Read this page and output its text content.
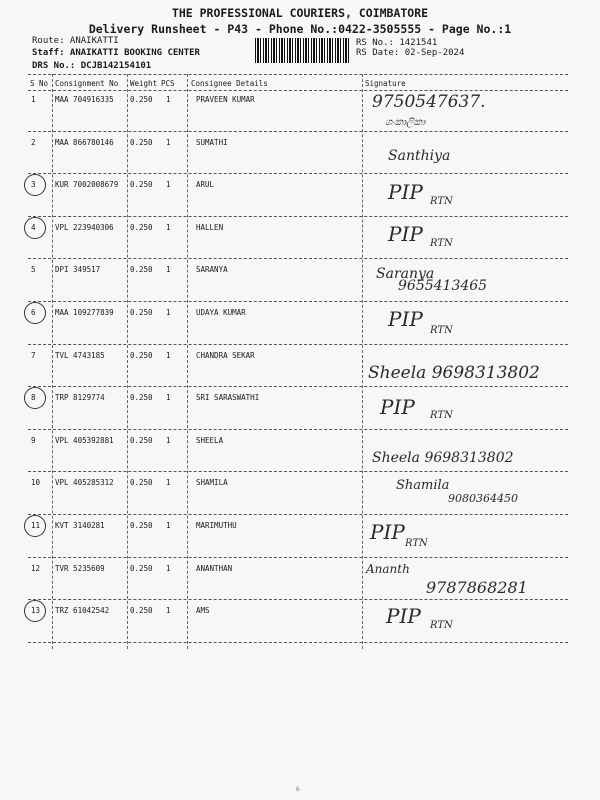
THE PROFESSIONAL COURIERS, COIMBATORE
Delivery Runsheet - P43 - Phone No.:0422-3505555 - Page No.:1
Route: ANAIKATTI
Staff: ANAIKATTI BOOKING CENTER
DRS No.: DCJB142154101
RS No.: 1421541
RS Date: 02-Sep-2024
S No Consignment No Weight PCS Consignee Details	Signature
1	MAA 704916335 0.250 1	PRAVEEN KUMAR	9750547637.
ශංකාලිකා
2	MAA 866780146 0.250 1	SUMATHI
Santhiya
3	KUR 7002008679 0.250 1	ARUL	PIP RTN
4	VPL 223940306 0.250 1	HALLEN	PIP RTN
5	DPI 349517	0.250 1	SARANYA	Saranya
9655413465
6	MAA 109277839 0.250 1	UDAYA KUMAR	PIP RTN
7	TVL 4743185	0.250 1	CHANDRA SEKAR
Sheela 9698313802
8	TRP 8129774	0.250 1	SRI SARASWATHI	PIP RTN
9	VPL 405392881 0.250 1	SHEELA
Sheela 9698313802
10 VPL 405285312 0.250 1	SHAMILA	Shamila
9080364450
11 KVT 3140281	0.250 1	MARIMUTHU	PIP RTN
12 TVR 5235609	0.250 1	ANANTHAN	Ananth
9787868281
13 TRZ 61042542	0.250 1	AMS	PIP RTN
6
